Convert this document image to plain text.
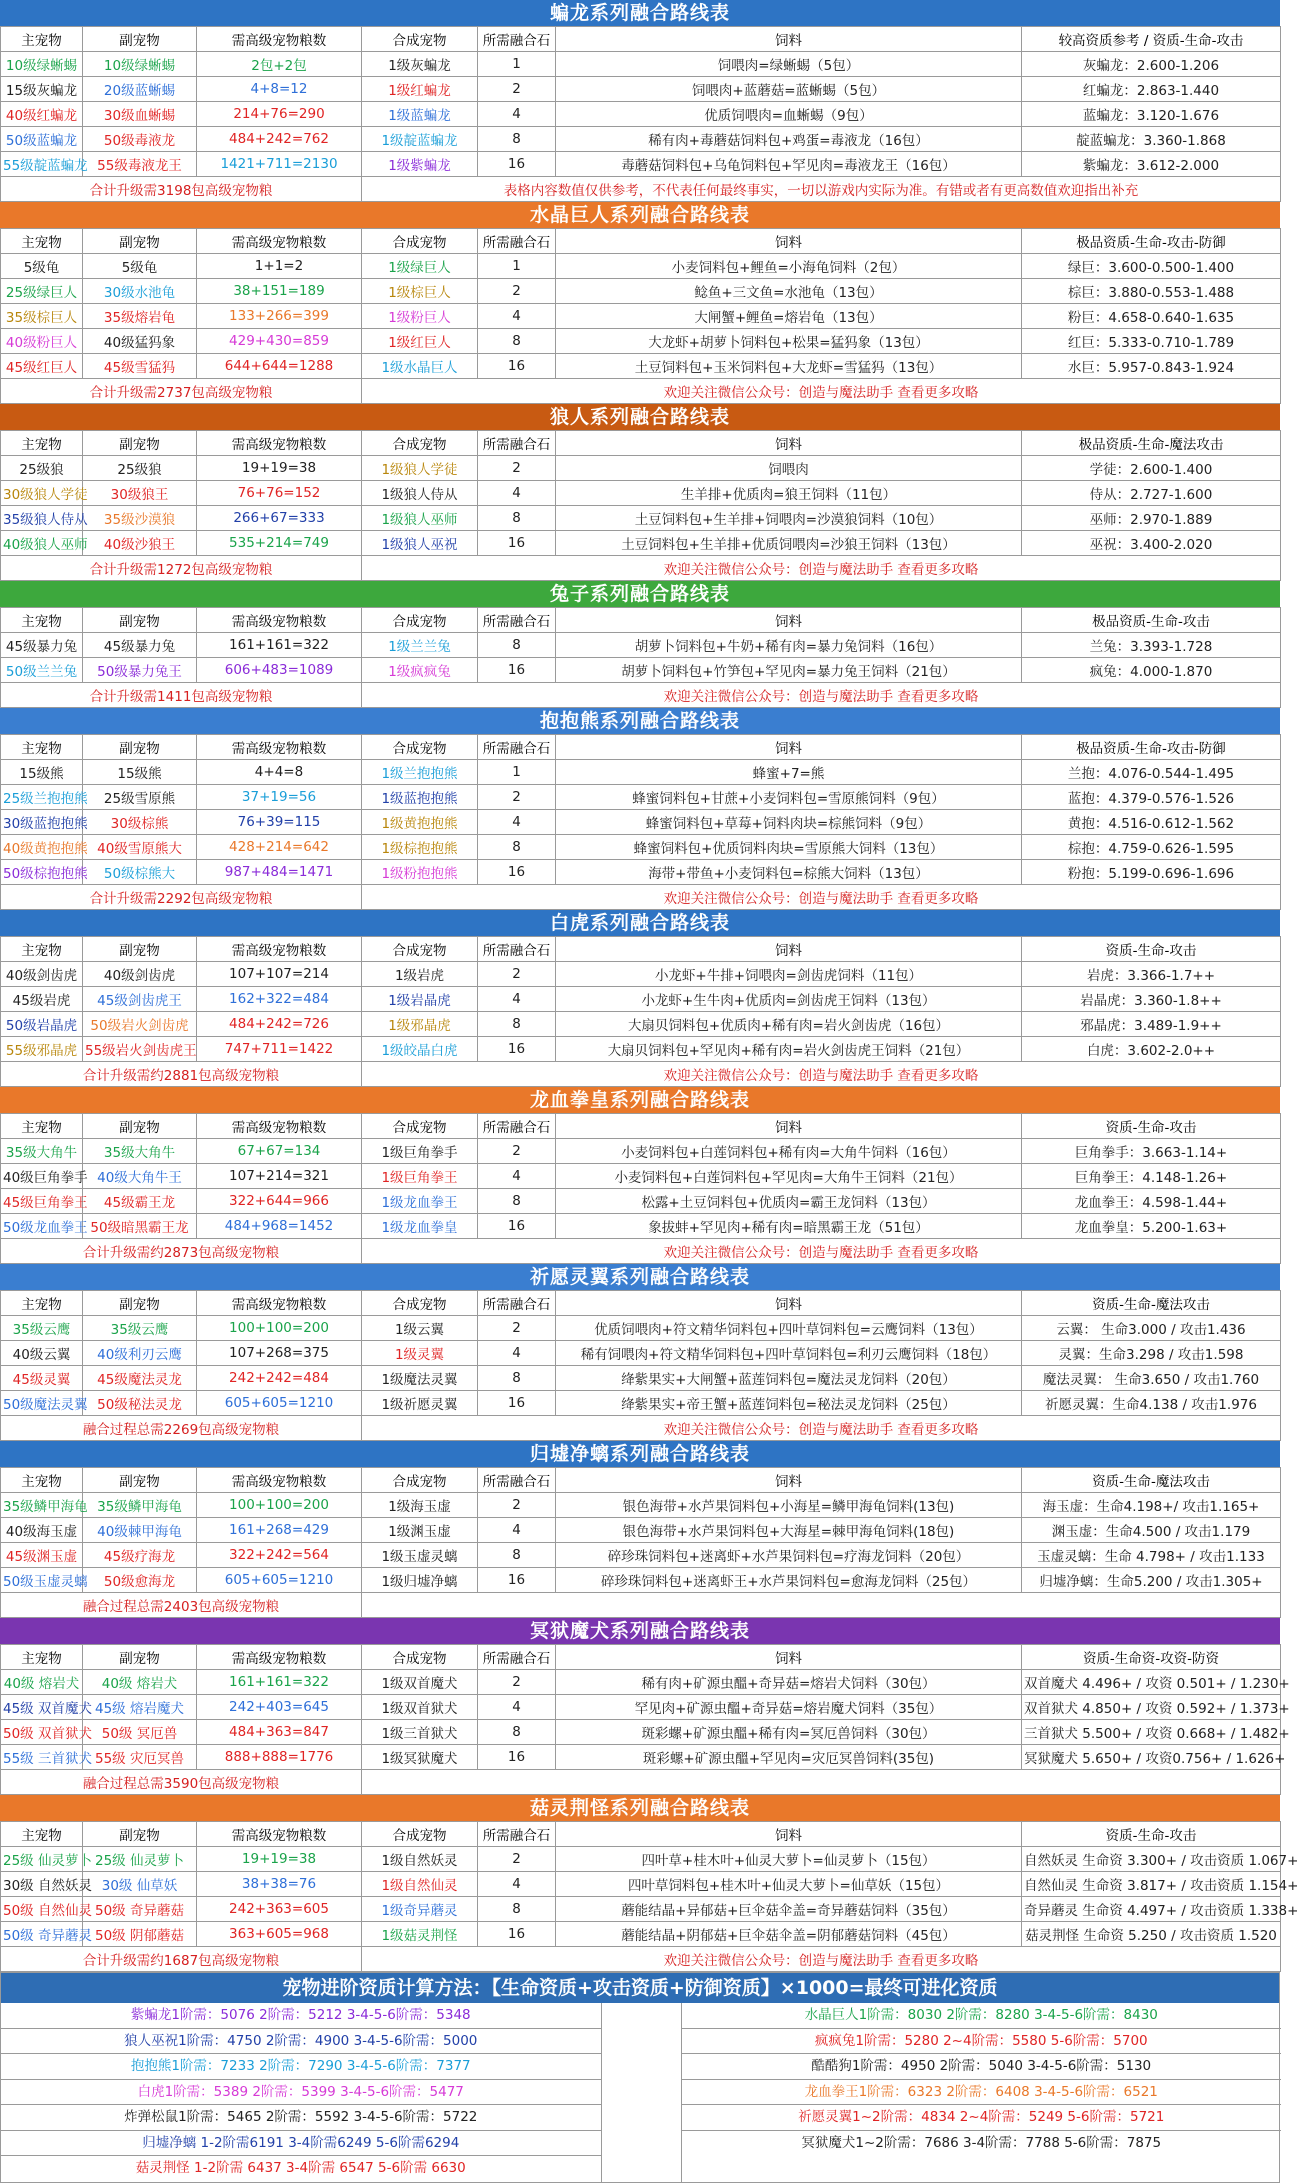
蝙龙系列融合路线表
主宠物	副宠物	需高级宠物粮数	合成宠物	所需融合石	饲料	较高资质参考 / 资质-生命-攻击
10级绿蜥蜴	10级绿蜥蜴	2包+2包	1级灰蝙龙	1	饲喂肉=绿蜥蜴（5包）	灰蝙龙：2.600-1.206
15级灰蝙龙	20级蓝蜥蜴	4+8=12	1级红蝙龙	2	饲喂肉+蓝蘑菇=蓝蜥蜴（5包）	红蝙龙：2.863-1.440
40级红蝙龙	30级血蜥蜴	214+76=290	1级蓝蝙龙	4	优质饲喂肉=血蜥蜴（9包）	蓝蝙龙：3.120-1.676
50级蓝蝙龙	50级毒液龙	484+242=762	1级靛蓝蝙龙	8	稀有肉+毒蘑菇饲料包+鸡蛋=毒液龙（16包）	靛蓝蝙龙：3.360-1.868
55级靛蓝蝙龙	55级毒液龙王	1421+711=2130	1级紫蝙龙	16	毒蘑菇饲料包+乌龟饲料包+罕见肉=毒液龙王（16包）	紫蝙龙：3.612-2.000
合计升级需3198包高级宠物粮			表格内容数值仅供参考，不代表任何最终事实，一切以游戏内实际为准。有错或者有更高数值欢迎指出补充			
水晶巨人系列融合路线表
主宠物	副宠物	需高级宠物粮数	合成宠物	所需融合石	饲料	极品资质-生命-攻击-防御
5级龟	5级龟	1+1=2	1级绿巨人	1	小麦饲料包+鲤鱼=小海龟饲料（2包）	绿巨：3.600-0.500-1.400
25级绿巨人	30级水池龟	38+151=189	1级棕巨人	2	鲶鱼+三文鱼=水池龟（13包）	棕巨：3.880-0.553-1.488
35级棕巨人	35级熔岩龟	133+266=399	1级粉巨人	4	大闸蟹+鲤鱼=熔岩龟（13包）	粉巨：4.658-0.640-1.635
40级粉巨人	40级猛犸象	429+430=859	1级红巨人	8	大龙虾+胡萝卜饲料包+松果=猛犸象（13包）	红巨：5.333-0.710-1.789
45级红巨人	45级雪猛犸	644+644=1288	1级水晶巨人	16	土豆饲料包+玉米饲料包+大龙虾=雪猛犸（13包）	水巨：5.957-0.843-1.924
合计升级需2737包高级宠物粮			欢迎关注微信公众号：创造与魔法助手 查看更多攻略			
狼人系列融合路线表
主宠物	副宠物	需高级宠物粮数	合成宠物	所需融合石	饲料	极品资质-生命-魔法攻击
25级狼	25级狼	19+19=38	1级狼人学徒	2	饲喂肉	学徒：2.600-1.400
30级狼人学徒	30级狼王	76+76=152	1级狼人侍从	4	生羊排+优质肉=狼王饲料（11包）	侍从：2.727-1.600
35级狼人侍从	35级沙漠狼	266+67=333	1级狼人巫师	8	土豆饲料包+生羊排+饲喂肉=沙漠狼饲料（10包）	巫师：2.970-1.889
40级狼人巫师	40级沙狼王	535+214=749	1级狼人巫祝	16	土豆饲料包+生羊排+优质饲喂肉=沙狼王饲料（13包）	巫祝：3.400-2.020
合计升级需1272包高级宠物粮			欢迎关注微信公众号：创造与魔法助手 查看更多攻略			
兔子系列融合路线表
主宠物	副宠物	需高级宠物粮数	合成宠物	所需融合石	饲料	极品资质-生命-攻击
45级暴力兔	45级暴力兔	161+161=322	1级兰兰兔	8	胡萝卜饲料包+牛奶+稀有肉=暴力兔饲料（16包）	兰兔：3.393-1.728
50级兰兰兔	50级暴力兔王	606+483=1089	1级疯疯兔	16	胡萝卜饲料包+竹笋包+罕见肉=暴力兔王饲料（21包）	疯兔：4.000-1.870
合计升级需1411包高级宠物粮			欢迎关注微信公众号：创造与魔法助手 查看更多攻略			
抱抱熊系列融合路线表
主宠物	副宠物	需高级宠物粮数	合成宠物	所需融合石	饲料	极品资质-生命-攻击-防御
15级熊	15级熊	4+4=8	1级兰抱抱熊	1	蜂蜜+7=熊	兰抱：4.076-0.544-1.495
25级兰抱抱熊	25级雪原熊	37+19=56	1级蓝抱抱熊	2	蜂蜜饲料包+甘蔗+小麦饲料包=雪原熊饲料（9包）	蓝抱：4.379-0.576-1.526
30级蓝抱抱熊	30级棕熊	76+39=115	1级黄抱抱熊	4	蜂蜜饲料包+草莓+饲料肉块=棕熊饲料（9包）	黄抱：4.516-0.612-1.562
40级黄抱抱熊	40级雪原熊大	428+214=642	1级棕抱抱熊	8	蜂蜜饲料包+优质饲料肉块=雪原熊大饲料（13包）	棕抱：4.759-0.626-1.595
50级棕抱抱熊	50级棕熊大	987+484=1471	1级粉抱抱熊	16	海带+带鱼+小麦饲料包=棕熊大饲料（13包）	粉抱：5.199-0.696-1.696
合计升级需2292包高级宠物粮			欢迎关注微信公众号：创造与魔法助手 查看更多攻略			
白虎系列融合路线表
主宠物	副宠物	需高级宠物粮数	合成宠物	所需融合石	饲料	资质-生命-攻击
40级剑齿虎	40级剑齿虎	107+107=214	1级岩虎	2	小龙虾+牛排+饲喂肉=剑齿虎饲料（11包）	岩虎：3.366-1.7++
45级岩虎	45级剑齿虎王	162+322=484	1级岩晶虎	4	小龙虾+生牛肉+优质肉=剑齿虎王饲料（13包）	岩晶虎：3.360-1.8++
50级岩晶虎	50级岩火剑齿虎	484+242=726	1级邪晶虎	8	大扇贝饲料包+优质肉+稀有肉=岩火剑齿虎（16包）	邪晶虎：3.489-1.9++
55级邪晶虎	55级岩火剑齿虎王	747+711=1422	1级皎晶白虎	16	大扇贝饲料包+罕见肉+稀有肉=岩火剑齿虎王饲料（21包）	白虎：3.602-2.0++
合计升级需约2881包高级宠物粮			欢迎关注微信公众号：创造与魔法助手 查看更多攻略			
龙血拳皇系列融合路线表
主宠物	副宠物	需高级宠物粮数	合成宠物	所需融合石	饲料	资质-生命-攻击
35级大角牛	35级大角牛	67+67=134	1级巨角拳手	2	小麦饲料包+白莲饲料包+稀有肉=大角牛饲料（16包）	巨角拳手：3.663-1.14+
40级巨角拳手	40级大角牛王	107+214=321	1级巨角拳王	4	小麦饲料包+白莲饲料包+罕见肉=大角牛王饲料（21包）	巨角拳王：4.148-1.26+
45级巨角拳王	45级霸王龙	322+644=966	1级龙血拳王	8	松露+土豆饲料包+优质肉=霸王龙饲料（13包）	龙血拳王：4.598-1.44+
50级龙血拳王	50级暗黑霸王龙	484+968=1452	1级龙血拳皇	16	象拔蚌+罕见肉+稀有肉=暗黑霸王龙（51包）	龙血拳皇：5.200-1.63+
合计升级需约2873包高级宠物粮			欢迎关注微信公众号：创造与魔法助手 查看更多攻略			
祈愿灵翼系列融合路线表
主宠物	副宠物	需高级宠物粮数	合成宠物	所需融合石	饲料	资质-生命-魔法攻击
35级云鹰	35级云鹰	100+100=200	1级云翼	2	优质饲喂肉+符文精华饲料包+四叶草饲料包=云鹰饲料（13包）	云翼： 生命3.000 / 攻击1.436
40级云翼	40级利刃云鹰	107+268=375	1级灵翼	4	稀有饲喂肉+符文精华饲料包+四叶草饲料包=利刃云鹰饲料（18包）	灵翼：生命3.298 / 攻击1.598
45级灵翼	45级魔法灵龙	242+242=484	1级魔法灵翼	8	绛紫果实+大闸蟹+蓝莲饲料包=魔法灵龙饲料（20包）	魔法灵翼： 生命3.650 / 攻击1.760
50级魔法灵翼	50级秘法灵龙	605+605=1210	1级祈愿灵翼	16	绛紫果实+帝王蟹+蓝莲饲料包=秘法灵龙饲料（25包）	祈愿灵翼：生命4.138 / 攻击1.976
融合过程总需2269包高级宠物粮			欢迎关注微信公众号：创造与魔法助手 查看更多攻略			
归墟净螭系列融合路线表
主宠物	副宠物	需高级宠物粮数	合成宠物	所需融合石	饲料	资质-生命-魔法攻击
35级鳞甲海龟	35级鳞甲海龟	100+100=200	1级海玉虚	2	银色海带+水芦果饲料包+小海星=鳞甲海龟饲料(13包)	海玉虚：生命4.198+/ 攻击1.165+
40级海玉虚	40级棘甲海龟	161+268=429	1级渊玉虚	4	银色海带+水芦果饲料包+大海星=棘甲海龟饲料(18包)	渊玉虚：生命4.500 / 攻击1.179
45级渊玉虚	45级疗海龙	322+242=564	1级玉虚灵螭	8	碎珍珠饲料包+迷离虾+水芦果饲料包=疗海龙饲料（20包）	玉虚灵螭：生命 4.798+ / 攻击1.133
50级玉虚灵螭	50级愈海龙	605+605=1210	1级归墟净螭	16	碎珍珠饲料包+迷离虾王+水芦果饲料包=愈海龙饲料（25包）	归墟净螭：生命5.200 / 攻击1.305+
融合过程总需2403包高级宠物粮						
冥狱魔犬系列融合路线表
主宠物	副宠物	需高级宠物粮数	合成宠物	所需融合石	饲料	资质-生命资-攻资-防资
40级 熔岩犬	40级 熔岩犬	161+161=322	1级双首魔犬	2	稀有肉+矿源虫醞+奇异菇=熔岩犬饲料（30包）	双首魔犬 4.496+ / 攻资 0.501+ / 1.230+
45级 双首魔犬	45级 熔岩魔犬	242+403=645	1级双首狱犬	4	罕见肉+矿源虫醞+奇异菇=熔岩魔犬饲料（35包）	双首狱犬 4.850+ / 攻资 0.592+ / 1.373+
50级 双首狱犬	50级 冥厄兽	484+363=847	1级三首狱犬	8	斑彩螺+矿源虫醞+稀有肉=冥厄兽饲料（30包）	三首狱犬 5.500+ / 攻资 0.668+ / 1.482+
55级 三首狱犬	55级 灾厄冥兽	888+888=1776	1级冥狱魔犬	16	斑彩螺+矿源虫醞+罕见肉=灾厄冥兽饲料(35包)	冥狱魔犬 5.650+ / 攻资0.756+ / 1.626+
融合过程总需3590包高级宠物粮						
菇灵荆怪系列融合路线表
主宠物	副宠物	需高级宠物粮数	合成宠物	所需融合石	饲料	资质-生命-攻击
25级 仙灵萝卜	25级 仙灵萝卜	19+19=38	1级自然妖灵	2	四叶草+桂木叶+仙灵大萝卜=仙灵萝卜（15包）	自然妖灵 生命资 3.300+ / 攻击资质 1.067+
30级 自然妖灵	30级 仙草妖	38+38=76	1级自然仙灵	4	四叶草饲料包+桂木叶+仙灵大萝卜=仙草妖（15包）	自然仙灵 生命资 3.817+ / 攻击资质 1.154+
50级 自然仙灵	50级 奇异蘑菇	242+363=605	1级奇异蘑灵	8	蘑能结晶+异郁菇+巨伞菇伞盖=奇异蘑菇饲料（35包）	奇异蘑灵 生命资 4.497+ / 攻击资质 1.338+
50级 奇异蘑灵	50级 阴郁蘑菇	363+605=968	1级菇灵荆怪	16	蘑能结晶+阴郁菇+巨伞菇伞盖=阴郁蘑菇饲料（45包）	菇灵荆怪 生命资 5.250 / 攻击资质 1.520
合计升级需约1687包高级宠物粮			欢迎关注微信公众号：创造与魔法助手 查看更多攻略			
宠物进阶资质计算方法：【生命资质+攻击资质+防御资质】×1000=最终可进化资质
紫蝙龙1阶需：5076 2阶需：5212 3-4-5-6阶需：5348
狼人巫祝1阶需：4750 2阶需：4900 3-4-5-6阶需：5000
抱抱熊1阶需：7233 2阶需：7290 3-4-5-6阶需：7377
白虎1阶需：5389 2阶需：5399 3-4-5-6阶需：5477
炸弹松鼠1阶需：5465 2阶需：5592 3-4-5-6阶需：5722
归墟净螭 1-2阶需6191 3-4阶需6249 5-6阶需6294
菇灵荆怪 1-2阶需 6437 3-4阶需 6547 5-6阶需 6630
水晶巨人1阶需：8030 2阶需：8280 3-4-5-6阶需：8430
疯疯兔1阶需：5280 2~4阶需：5580 5-6阶需：5700
酷酷狗1阶需：4950 2阶需：5040 3-4-5-6阶需：5130
龙血拳王1阶需：6323 2阶需：6408 3-4-5-6阶需：6521
祈愿灵翼1~2阶需：4834 2~4阶需：5249 5-6阶需：5721
冥狱魔犬1~2阶需：7686 3-4阶需：7788 5-6阶需：7875
